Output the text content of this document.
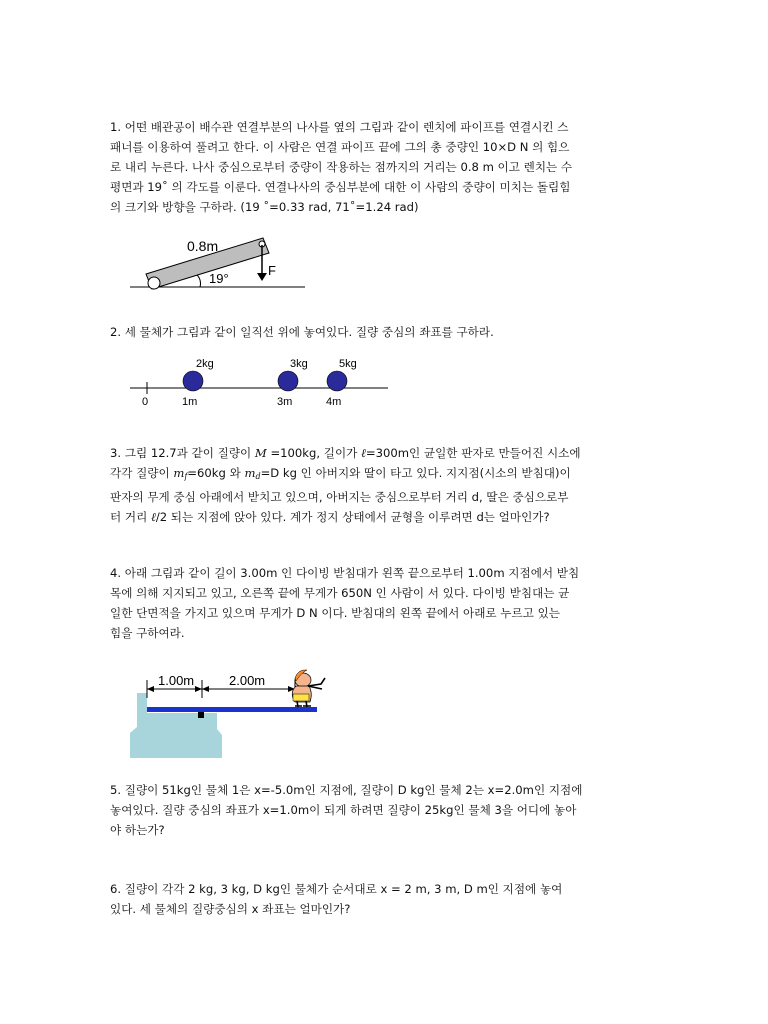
1. 어떤 배관공이 배수관 연결부분의 나사를 옆의 그림과 같이 렌치에 파이프를 연결시킨 스
패너를 이용하여 풀려고 한다. 이 사람은 연결 파이프 끝에 그의 총 중량인 10×D N 의 힘으
로 내리 누른다. 나사 중심으로부터 중량이 작용하는 점까지의 거리는 0.8 m 이고 렌치는 수
평면과 19˚ 의 각도를 이룬다. 연결나사의 중심부분에 대한 이 사람의 중량이 미치는 돌림힘
의 크기와 방향을 구하라. (19 ˚=0.33 rad, 71˚=1.24 rad)
0.8m
F
19°
2. 세 물체가 그림과 같이 일직선 위에 놓여있다. 질량 중심의 좌표를 구하라.
0
2kg	3kg	5kg
1m	3m	4m
3. 그림 12.7과 같이 질량이 M =100kg, 길이가 ℓ=300m인 균일한 판자로 만들어진 시소에
각각 질량이 $m_f=60kg$ 와 $m_d=D$ kg 인 아버지와 딸이 타고 있다. 지지점(시소의 받침대)이
판자의 무게 중심 아래에서 받치고 있으며, 아버지는 중심으로부터 거리 d, 딸은 중심으로부
터 거리 ℓ/2 되는 지점에 앉아 있다. 계가 정지 상태에서 균형을 이루려면 d는 얼마인가?
4. 아래 그림과 같이 길이 3.00m 인 다이빙 받침대가 왼쪽 끝으로부터 1.00m 지점에서 받침
목에 의해 지지되고 있고, 오른쪽 끝에 무게가 650N 인 사람이 서 있다. 다이빙 받침대는 균
일한 단면적을 가지고 있으며 무게가 D N 이다. 받침대의 왼쪽 끝에서 아래로 누르고 있는
힘을 구하여라.
1.00m	2.00m
5. 질량이 51kg인 물체 1은 x=-5.0m인 지점에, 질량이 D kg인 물체 2는 x=2.0m인 지점에
놓여있다. 질량 중심의 좌표가 x=1.0m이 되게 하려면 질량이 25kg인 물체 3을 어디에 놓아
야 하는가?
6. 질량이 각각 2 kg, 3 kg, D kg인 물체가 순서대로 x = 2 m, 3 m, D m인 지점에 놓여
있다. 세 물체의 질량중심의 x 좌표는 얼마인가?
